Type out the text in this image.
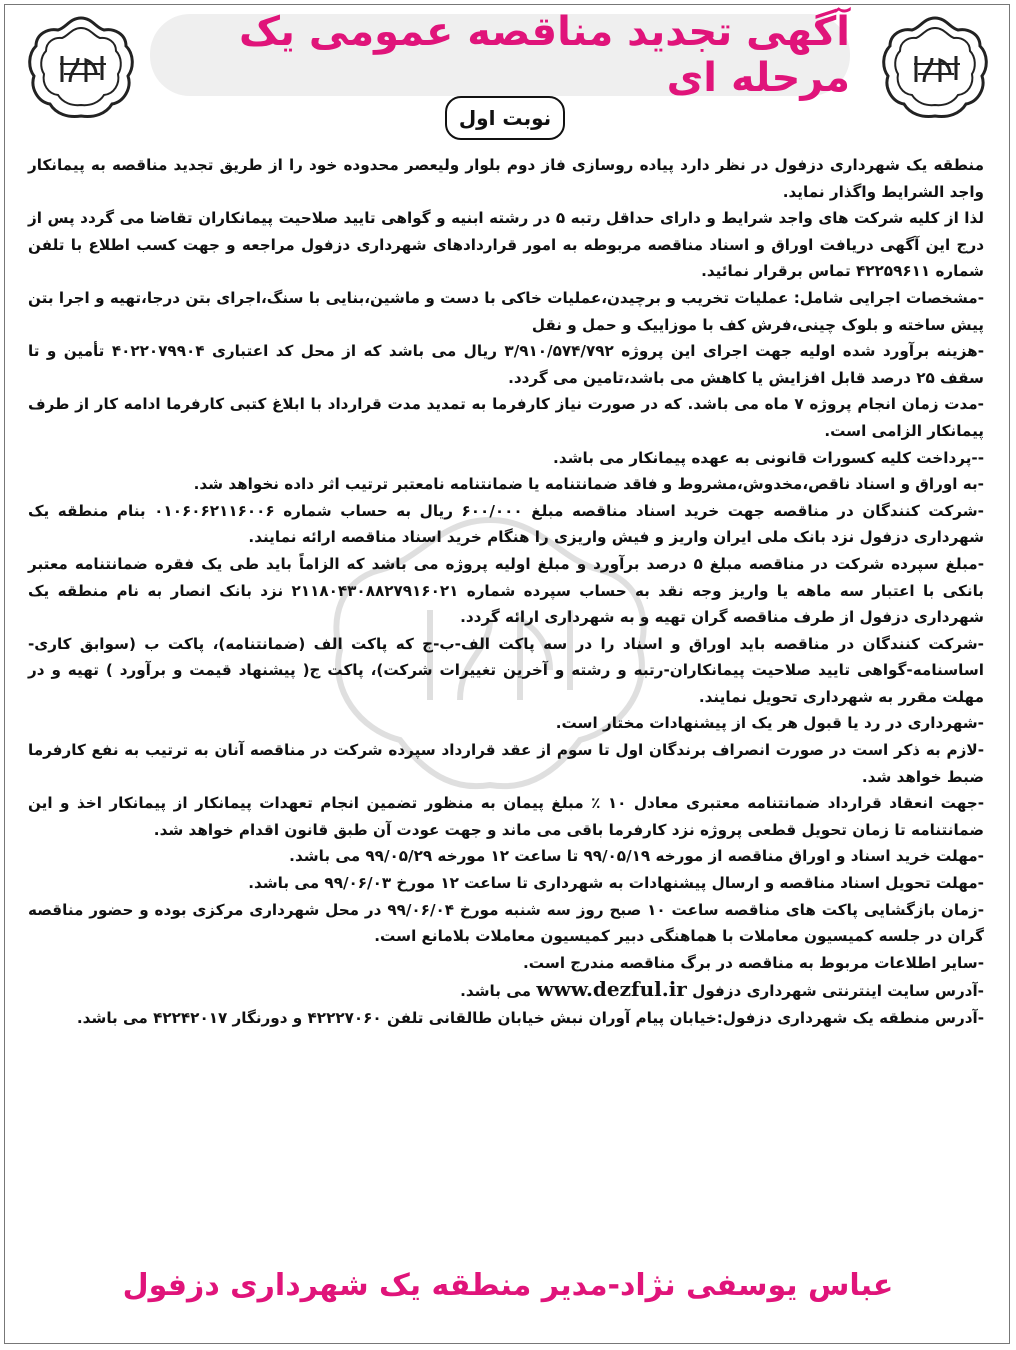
آگهی تجدید مناقصه عمومی یک مرحله ای
نوبت اول

منطقه یک شهرداری دزفول در نظر دارد پیاده روسازی فاز دوم بلوار ولیعصر محدوده خود را از طریق تجدید مناقصه به پیمانکار واجد الشرایط واگذار نماید.

لذا از کلیه شرکت های واجد شرایط و دارای حداقل رتبه ۵ در رشته ابنیه و گواهی تایید صلاحیت پیمانکاران تقاضا می گردد پس از درج این آگهی دریافت اوراق و اسناد مناقصه مربوطه به امور قراردادهای شهرداری دزفول مراجعه و جهت کسب اطلاع با تلفن شماره ۴۲۲۵۹۶۱۱ تماس برقرار نمائید.

-مشخصات اجرایی شامل: عملیات تخریب و برچیدن،عملیات خاکی با دست و ماشین،بنایی با سنگ،اجرای بتن درجا،تهیه و اجرا بتن پیش ساخته و بلوک چینی،فرش کف با موزاییک و حمل و نقل

-هزینه برآورد شده اولیه جهت اجرای این پروژه ۳/۹۱۰/۵۷۴/۷۹۲ ریال می باشد که از محل کد اعتباری ۴۰۲۲۰۷۹۹۰۴ تأمین و تا سقف ۲۵ درصد قابل افزایش یا کاهش می باشد،تامین می گردد.

-مدت زمان انجام پروژه ۷ ماه می باشد. که در صورت نیاز کارفرما به تمدید مدت قرارداد با ابلاغ کتبی کارفرما ادامه کار از طرف پیمانکار الزامی است.

--پرداخت کلیه کسورات قانونی به عهده پیمانکار می باشد.

-به اوراق و اسناد ناقص،مخدوش،مشروط و فاقد ضمانتنامه یا ضمانتنامه نامعتبر ترتیب اثر داده نخواهد شد.

-شرکت کنندگان در مناقصه جهت خرید اسناد مناقصه مبلغ ۶۰۰/۰۰۰ ریال به حساب شماره ۰۱۰۶۰۶۲۱۱۶۰۰۶ بنام منطقه یک شهرداری دزفول نزد بانک ملی ایران واریز و فیش واریزی را هنگام خرید اسناد مناقصه ارائه نمایند.

-مبلغ سپرده شرکت در مناقصه مبلغ ۵ درصد برآورد و مبلغ اولیه پروژه می باشد که الزاماً باید طی یک فقره ضمانتنامه معتبر بانکی با اعتبار سه ماهه یا واریز وجه نقد به حساب سپرده شماره ۲۱۱۸۰۴۳۰۸۸۲۷۹۱۶۰۲۱ نزد بانک انصار به نام منطقه یک شهرداری دزفول از طرف مناقصه گران تهیه و به شهرداری ارائه گردد.

-شرکت کنندگان در مناقصه باید اوراق و اسناد را در سه پاکت الف-ب-ج که پاکت الف (ضمانتنامه)، پاکت ب (سوابق کاری-اساسنامه-گواهی تایید صلاحیت پیمانکاران-رتبه و رشته و آخرین تغییرات شرکت)، پاکت ج( پیشنهاد قیمت و برآورد ) تهیه و در مهلت مقرر به شهرداری تحویل نمایند.

-شهرداری در رد یا قبول هر یک از پیشنهادات مختار است.

-لازم به ذکر است در صورت انصراف برندگان اول تا سوم از عقد قرارداد سپرده شرکت در مناقصه آنان به ترتیب به نفع کارفرما ضبط خواهد شد.

-جهت انعقاد قرارداد ضمانتنامه معتبری معادل ۱۰ ٪ مبلغ پیمان به منظور تضمین انجام تعهدات پیمانکار از پیمانکار اخذ و این ضمانتنامه تا زمان تحویل قطعی پروژه نزد کارفرما باقی می ماند و جهت عودت آن طبق قانون اقدام خواهد شد.

-مهلت خرید اسناد و اوراق مناقصه از مورخه ۹۹/۰۵/۱۹ تا ساعت ۱۲ مورخه ۹۹/۰۵/۲۹ می باشد.

-مهلت تحویل اسناد مناقصه و ارسال پیشنهادات به شهرداری تا ساعت ۱۲ مورخ ۹۹/۰۶/۰۳ می باشد.

-زمان بازگشایی پاکت های مناقصه ساعت ۱۰ صبح روز سه شنبه مورخ ۹۹/۰۶/۰۴ در محل شهرداری مرکزی بوده و حضور مناقصه گران در جلسه کمیسیون معاملات با هماهنگی دبیر کمیسیون معاملات بلامانع است.

-سایر اطلاعات مربوط به مناقصه در برگ مناقصه مندرج است.

-آدرس سایت اینترنتی شهرداری دزفول www.dezful.ir می باشد.

-آدرس منطقه یک شهرداری دزفول:خیابان پیام آوران نبش خیابان طالقانی تلفن ۴۲۲۲۷۰۶۰ و دورنگار ۴۲۲۴۲۰۱۷ می باشد.

عباس یوسفی نژاد-مدیر منطقه یک شهرداری دزفول
